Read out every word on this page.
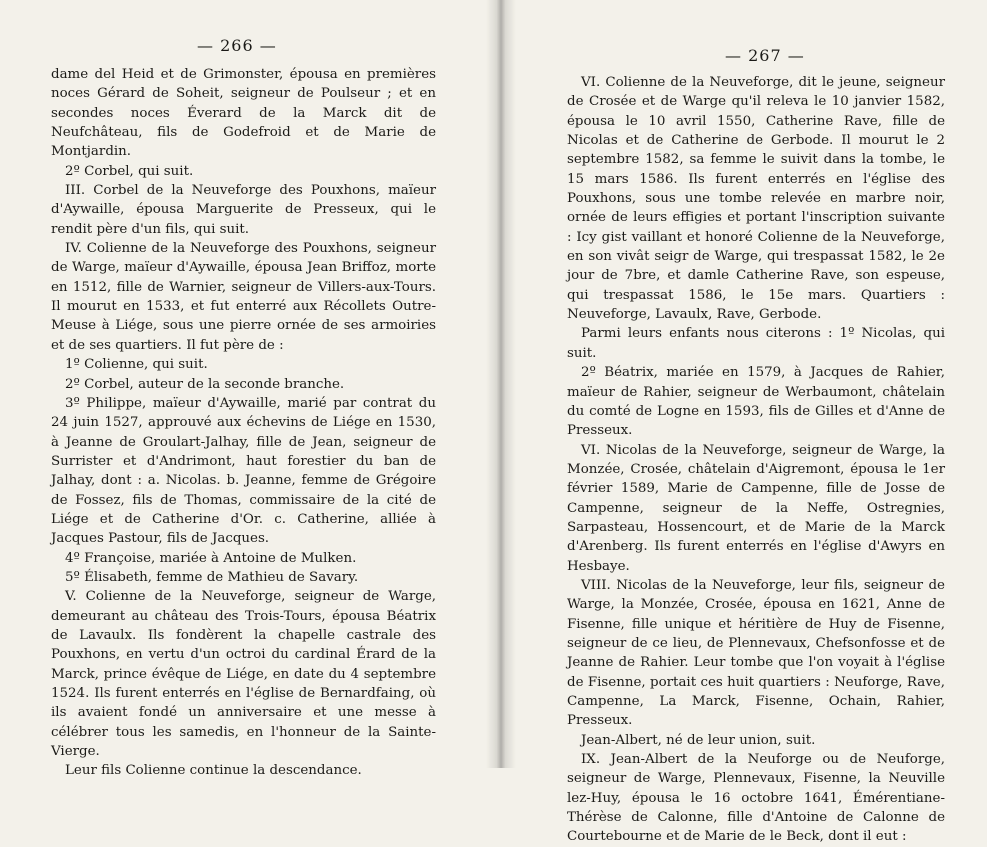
— 266 —

dame del Heid et de Grimonster, épousa en premières noces Gérard de Soheit, seigneur de Poulseur ; et en secondes noces Éverard de la Marck dit de Neufchâteau, fils de Godefroid et de Marie de Montjardin.

2º Corbel, qui suit.

III. Corbel de la Neuveforge des Pouxhons, maïeur d'Aywaille, épousa Marguerite de Presseux, qui le rendit père d'un fils, qui suit.

IV. Colienne de la Neuveforge des Pouxhons, seigneur de Warge, maïeur d'Aywaille, épousa Jean Briffoz, morte en 1512, fille de Warnier, seigneur de Villers-aux-Tours. Il mourut en 1533, et fut enterré aux Récollets Outre-Meuse à Liége, sous une pierre ornée de ses armoiries et de ses quartiers. Il fut père de :

1º Colienne, qui suit.

2º Corbel, auteur de la seconde branche.

3º Philippe, maïeur d'Aywaille, marié par contrat du 24 juin 1527, approuvé aux échevins de Liége en 1530, à Jeanne de Groulart-Jalhay, fille de Jean, seigneur de Surrister et d'Andrimont, haut forestier du ban de Jalhay, dont : a. Nicolas. b. Jeanne, femme de Grégoire de Fossez, fils de Thomas, commissaire de la cité de Liége et de Catherine d'Or. c. Catherine, alliée à Jacques Pastour, fils de Jacques.

4º Françoise, mariée à Antoine de Mulken.

5º Élisabeth, femme de Mathieu de Savary.

V. Colienne de la Neuveforge, seigneur de Warge, demeurant au château des Trois-Tours, épousa Béatrix de Lavaulx. Ils fondèrent la chapelle castrale des Pouxhons, en vertu d'un octroi du cardinal Érard de la Marck, prince évêque de Liége, en date du 4 septembre 1524. Ils furent enterrés en l'église de Bernardfaing, où ils avaient fondé un anniversaire et une messe à célébrer tous les samedis, en l'honneur de la Sainte-Vierge.

Leur fils Colienne continue la descendance.

— 267 —

VI. Colienne de la Neuveforge, dit le jeune, seigneur de Crosée et de Warge qu'il releva le 10 janvier 1582, épousa le 10 avril 1550, Catherine Rave, fille de Nicolas et de Catherine de Gerbode. Il mourut le 2 septembre 1582, sa femme le suivit dans la tombe, le 15 mars 1586. Ils furent enterrés en l'église des Pouxhons, sous une tombe relevée en marbre noir, ornée de leurs effigies et portant l'inscription suivante : Icy gist vaillant et honoré Colienne de la Neuveforge, en son vivât seigr de Warge, qui trespassat 1582, le 2e jour de 7bre, et damle Catherine Rave, son espeuse, qui trespassat 1586, le 15e mars. Quartiers : Neuveforge, Lavaulx, Rave, Gerbode.

Parmi leurs enfants nous citerons : 1º Nicolas, qui suit.

2º Béatrix, mariée en 1579, à Jacques de Rahier, maïeur de Rahier, seigneur de Werbaumont, châtelain du comté de Logne en 1593, fils de Gilles et d'Anne de Presseux.

VI. Nicolas de la Neuveforge, seigneur de Warge, la Monzée, Crosée, châtelain d'Aigremont, épousa le 1er février 1589, Marie de Campenne, fille de Josse de Campenne, seigneur de la Neffe, Ostregnies, Sarpasteau, Hossencourt, et de Marie de la Marck d'Arenberg. Ils furent enterrés en l'église d'Awyrs en Hesbaye.

VIII. Nicolas de la Neuveforge, leur fils, seigneur de Warge, la Monzée, Crosée, épousa en 1621, Anne de Fisenne, fille unique et héritière de Huy de Fisenne, seigneur de ce lieu, de Plennevaux, Chefsonfosse et de Jeanne de Rahier. Leur tombe que l'on voyait à l'église de Fisenne, portait ces huit quartiers : Neuforge, Rave, Campenne, La Marck, Fisenne, Ochain, Rahier, Presseux.

Jean-Albert, né de leur union, suit.

IX. Jean-Albert de la Neuforge ou de Neuforge, seigneur de Warge, Plennevaux, Fisenne, la Neuville lez-Huy, épousa le 16 octobre 1641, Émérentiane-Thérèse de Calonne, fille d'Antoine de Calonne de Courtebourne et de Marie de le Beck, dont il eut :
